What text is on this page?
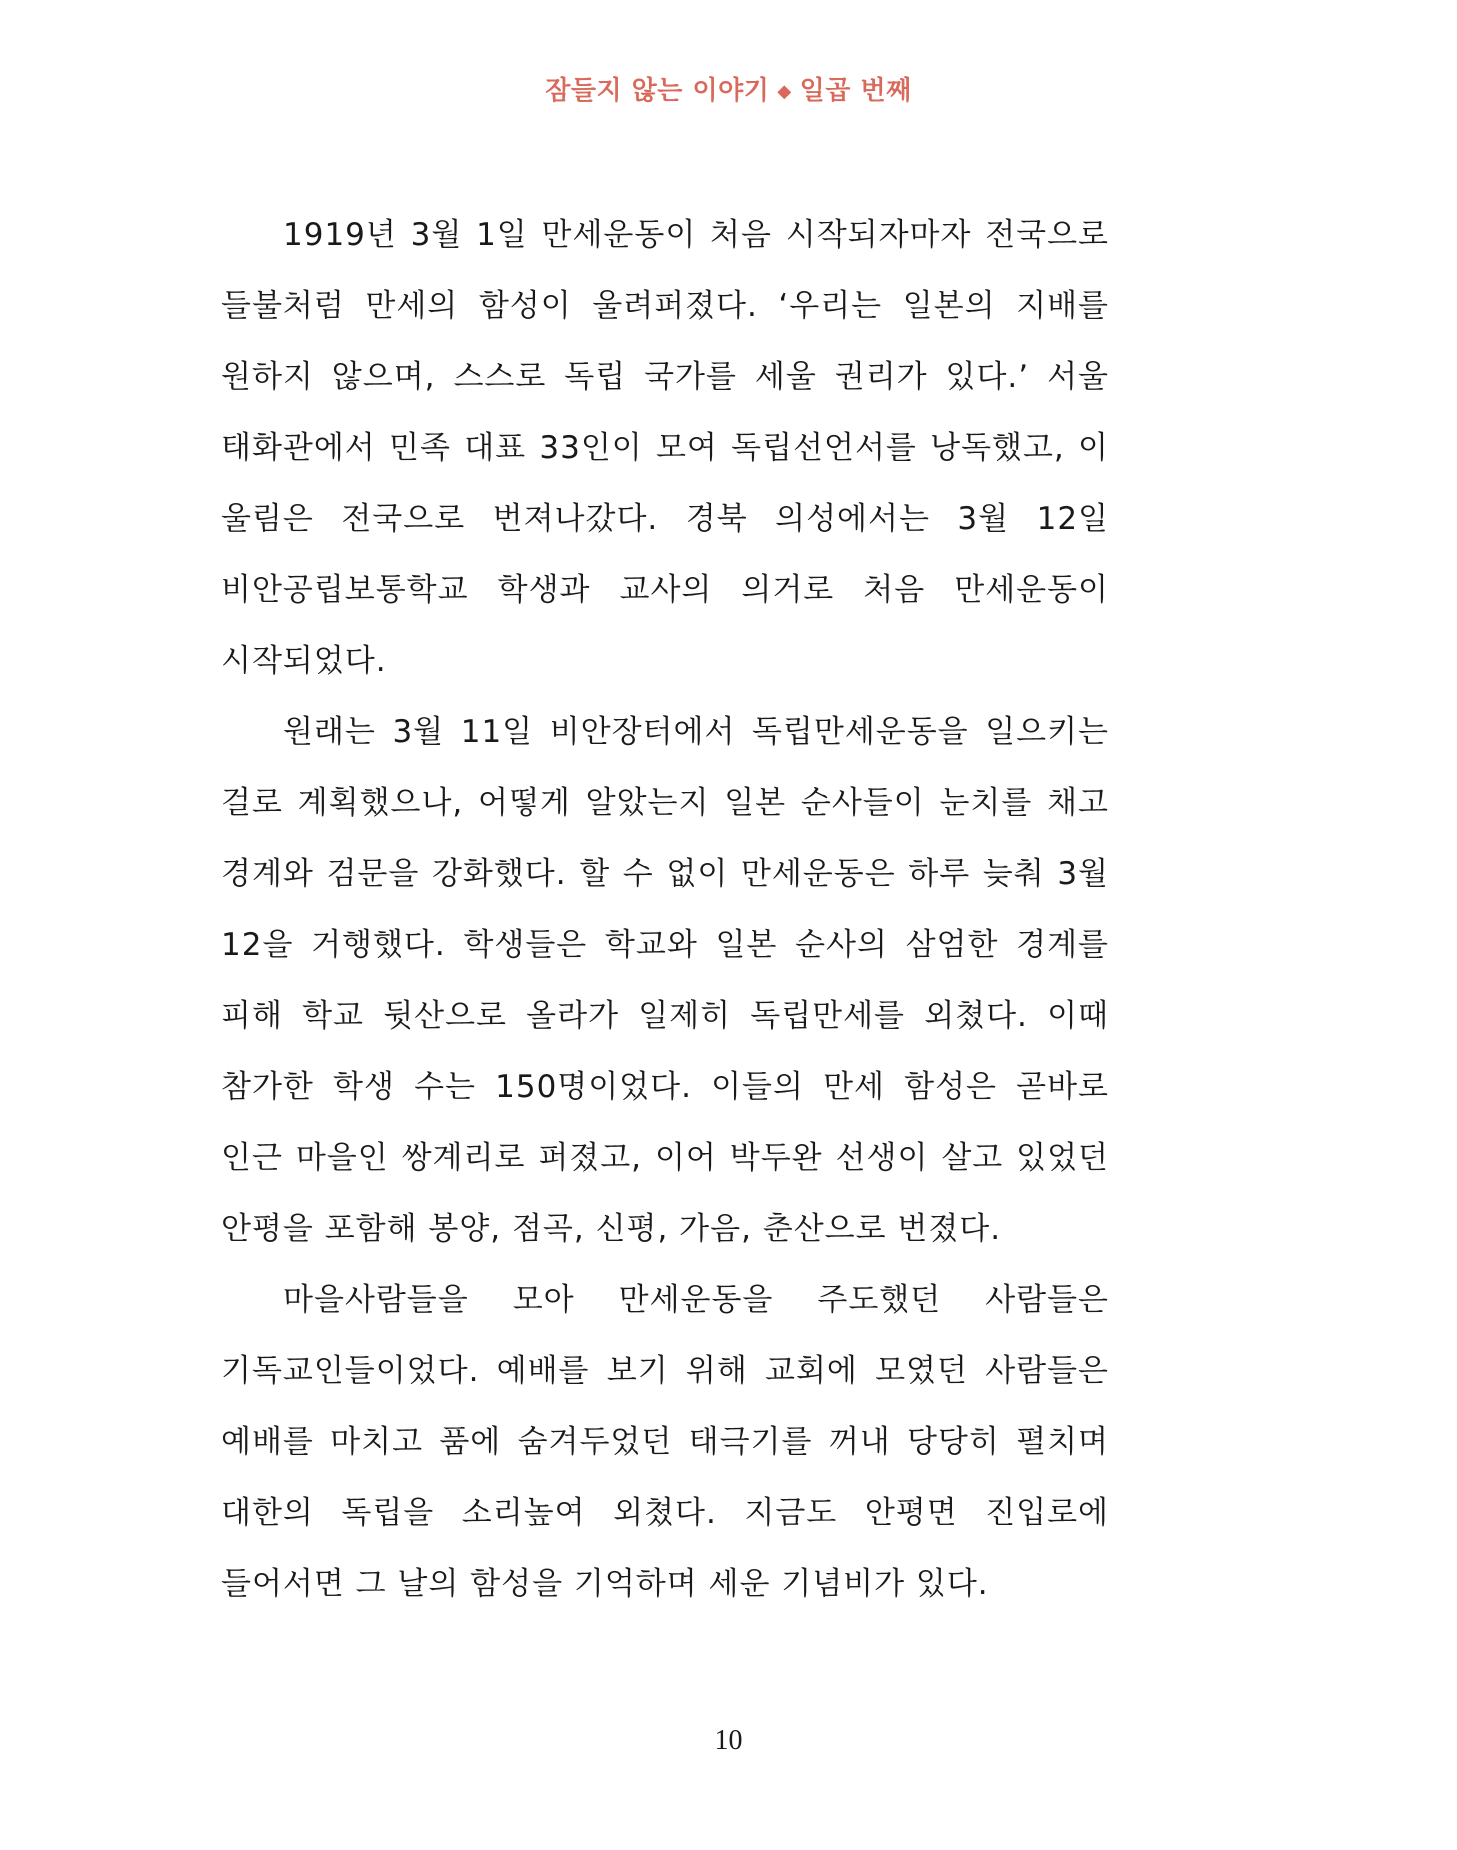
잠들지 않는 이야기 ◆ 일곱 번째

1919년 3월 1일 만세운동이 처음 시작되자마자 전국으로 들불처럼 만세의 함성이 울려퍼졌다. ‘우리는 일본의 지배를 원하지 않으며, 스스로 독립 국가를 세울 권리가 있다.’ 서울 태화관에서 민족 대표 33인이 모여 독립선언서를 낭독했고, 이 울림은 전국으로 번져나갔다. 경북 의성에서는 3월 12일 비안공립보통학교 학생과 교사의 의거로 처음 만세운동이 시작되었다.

원래는 3월 11일 비안장터에서 독립만세운동을 일으키는 걸로 계획했으나, 어떻게 알았는지 일본 순사들이 눈치를 채고 경계와 검문을 강화했다. 할 수 없이 만세운동은 하루 늦춰 3월 12을 거행했다. 학생들은 학교와 일본 순사의 삼엄한 경계를 피해 학교 뒷산으로 올라가 일제히 독립만세를 외쳤다. 이때 참가한 학생 수는 150명이었다. 이들의 만세 함성은 곧바로 인근 마을인 쌍계리로 퍼졌고, 이어 박두완 선생이 살고 있었던 안평을 포함해 봉양, 점곡, 신평, 가음, 춘산으로 번졌다.

마을사람들을 모아 만세운동을 주도했던 사람들은 기독교인들이었다. 예배를 보기 위해 교회에 모였던 사람들은 예배를 마치고 품에 숨겨두었던 태극기를 꺼내 당당히 펼치며 대한의 독립을 소리높여 외쳤다. 지금도 안평면 진입로에 들어서면 그 날의 함성을 기억하며 세운 기념비가 있다.

10
